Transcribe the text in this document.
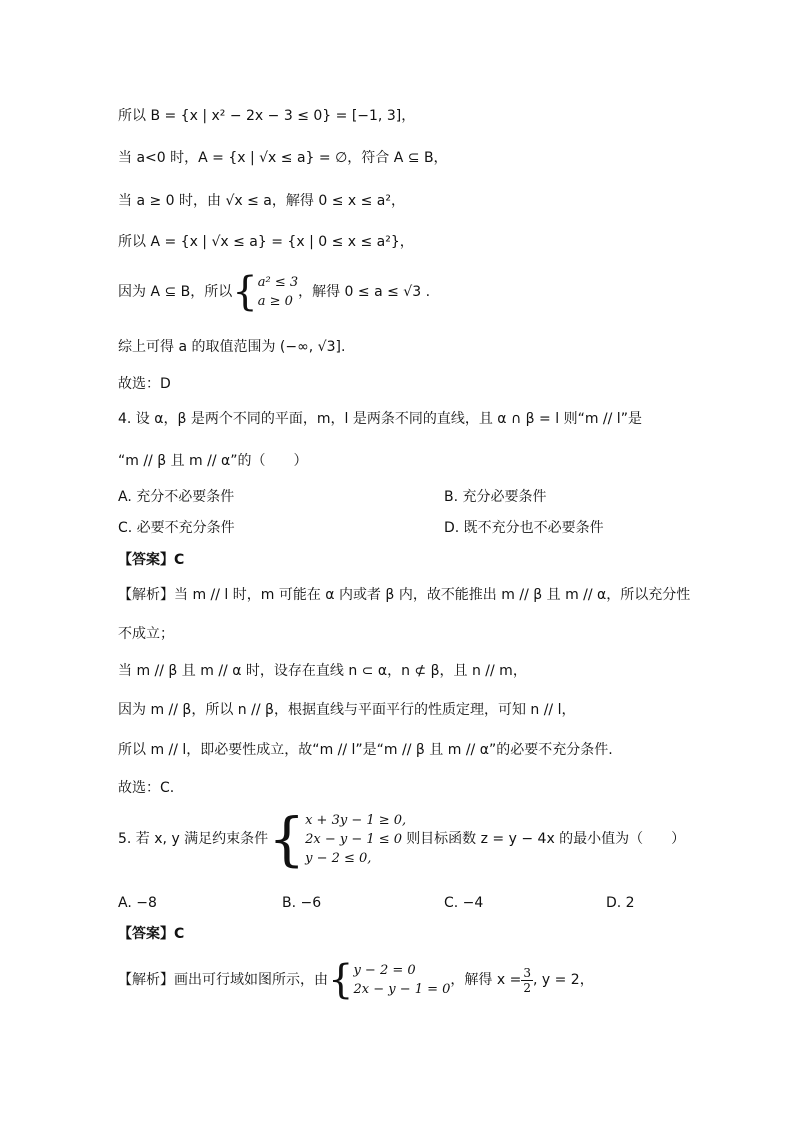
所以 B = {x | x² − 2x − 3 ≤ 0} = [−1, 3]，
当 a<0 时，A = {x | √x ≤ a} = ∅，符合 A ⊆ B，
当 a ≥ 0 时，由 √x ≤ a，解得 0 ≤ x ≤ a²，
所以 A = {x | √x ≤ a} = {x | 0 ≤ x ≤ a²}，
因为 A ⊆ B，所以 { a² ≤ 3
a ≥ 0
，解得 0 ≤ a ≤ √3 .
综上可得 a 的取值范围为 (−∞, √3].
故选：D
4. 设 α，β 是两个不同的平面，m，l 是两条不同的直线，且 α ∩ β = l 则“m // l”是
“m // β 且 m // α”的（　　）
A. 充分不必要条件	B. 充分必要条件
C. 必要不充分条件	D. 既不充分也不必要条件
【答案】C
【解析】当 m // l 时，m 可能在 α 内或者 β 内，故不能推出 m // β 且 m // α，所以充分性
不成立；
当 m // β 且 m // α 时，设存在直线 n ⊂ α，n ⊄ β，且 n // m，
因为 m // β，所以 n // β，根据直线与平面平行的性质定理，可知 n // l，
所以 m // l，即必要性成立，故“m // l”是“m // β 且 m // α”的必要不充分条件.
故选：C.
5. 若 x, y 满足约束条件 { x + 3y − 1 ≥ 0,
2x − y − 1 ≤ 0
y − 2 ≤ 0,
则目标函数 z = y − 4x 的最小值为（　　）
A. −8	B. −6	C. −4	D. 2
【答案】C
【解析】画出可行域如图所示，由 { y − 2 = 0
2x − y − 1 = 0
，解得 $x = \frac{3}{2}$ , y = 2，
